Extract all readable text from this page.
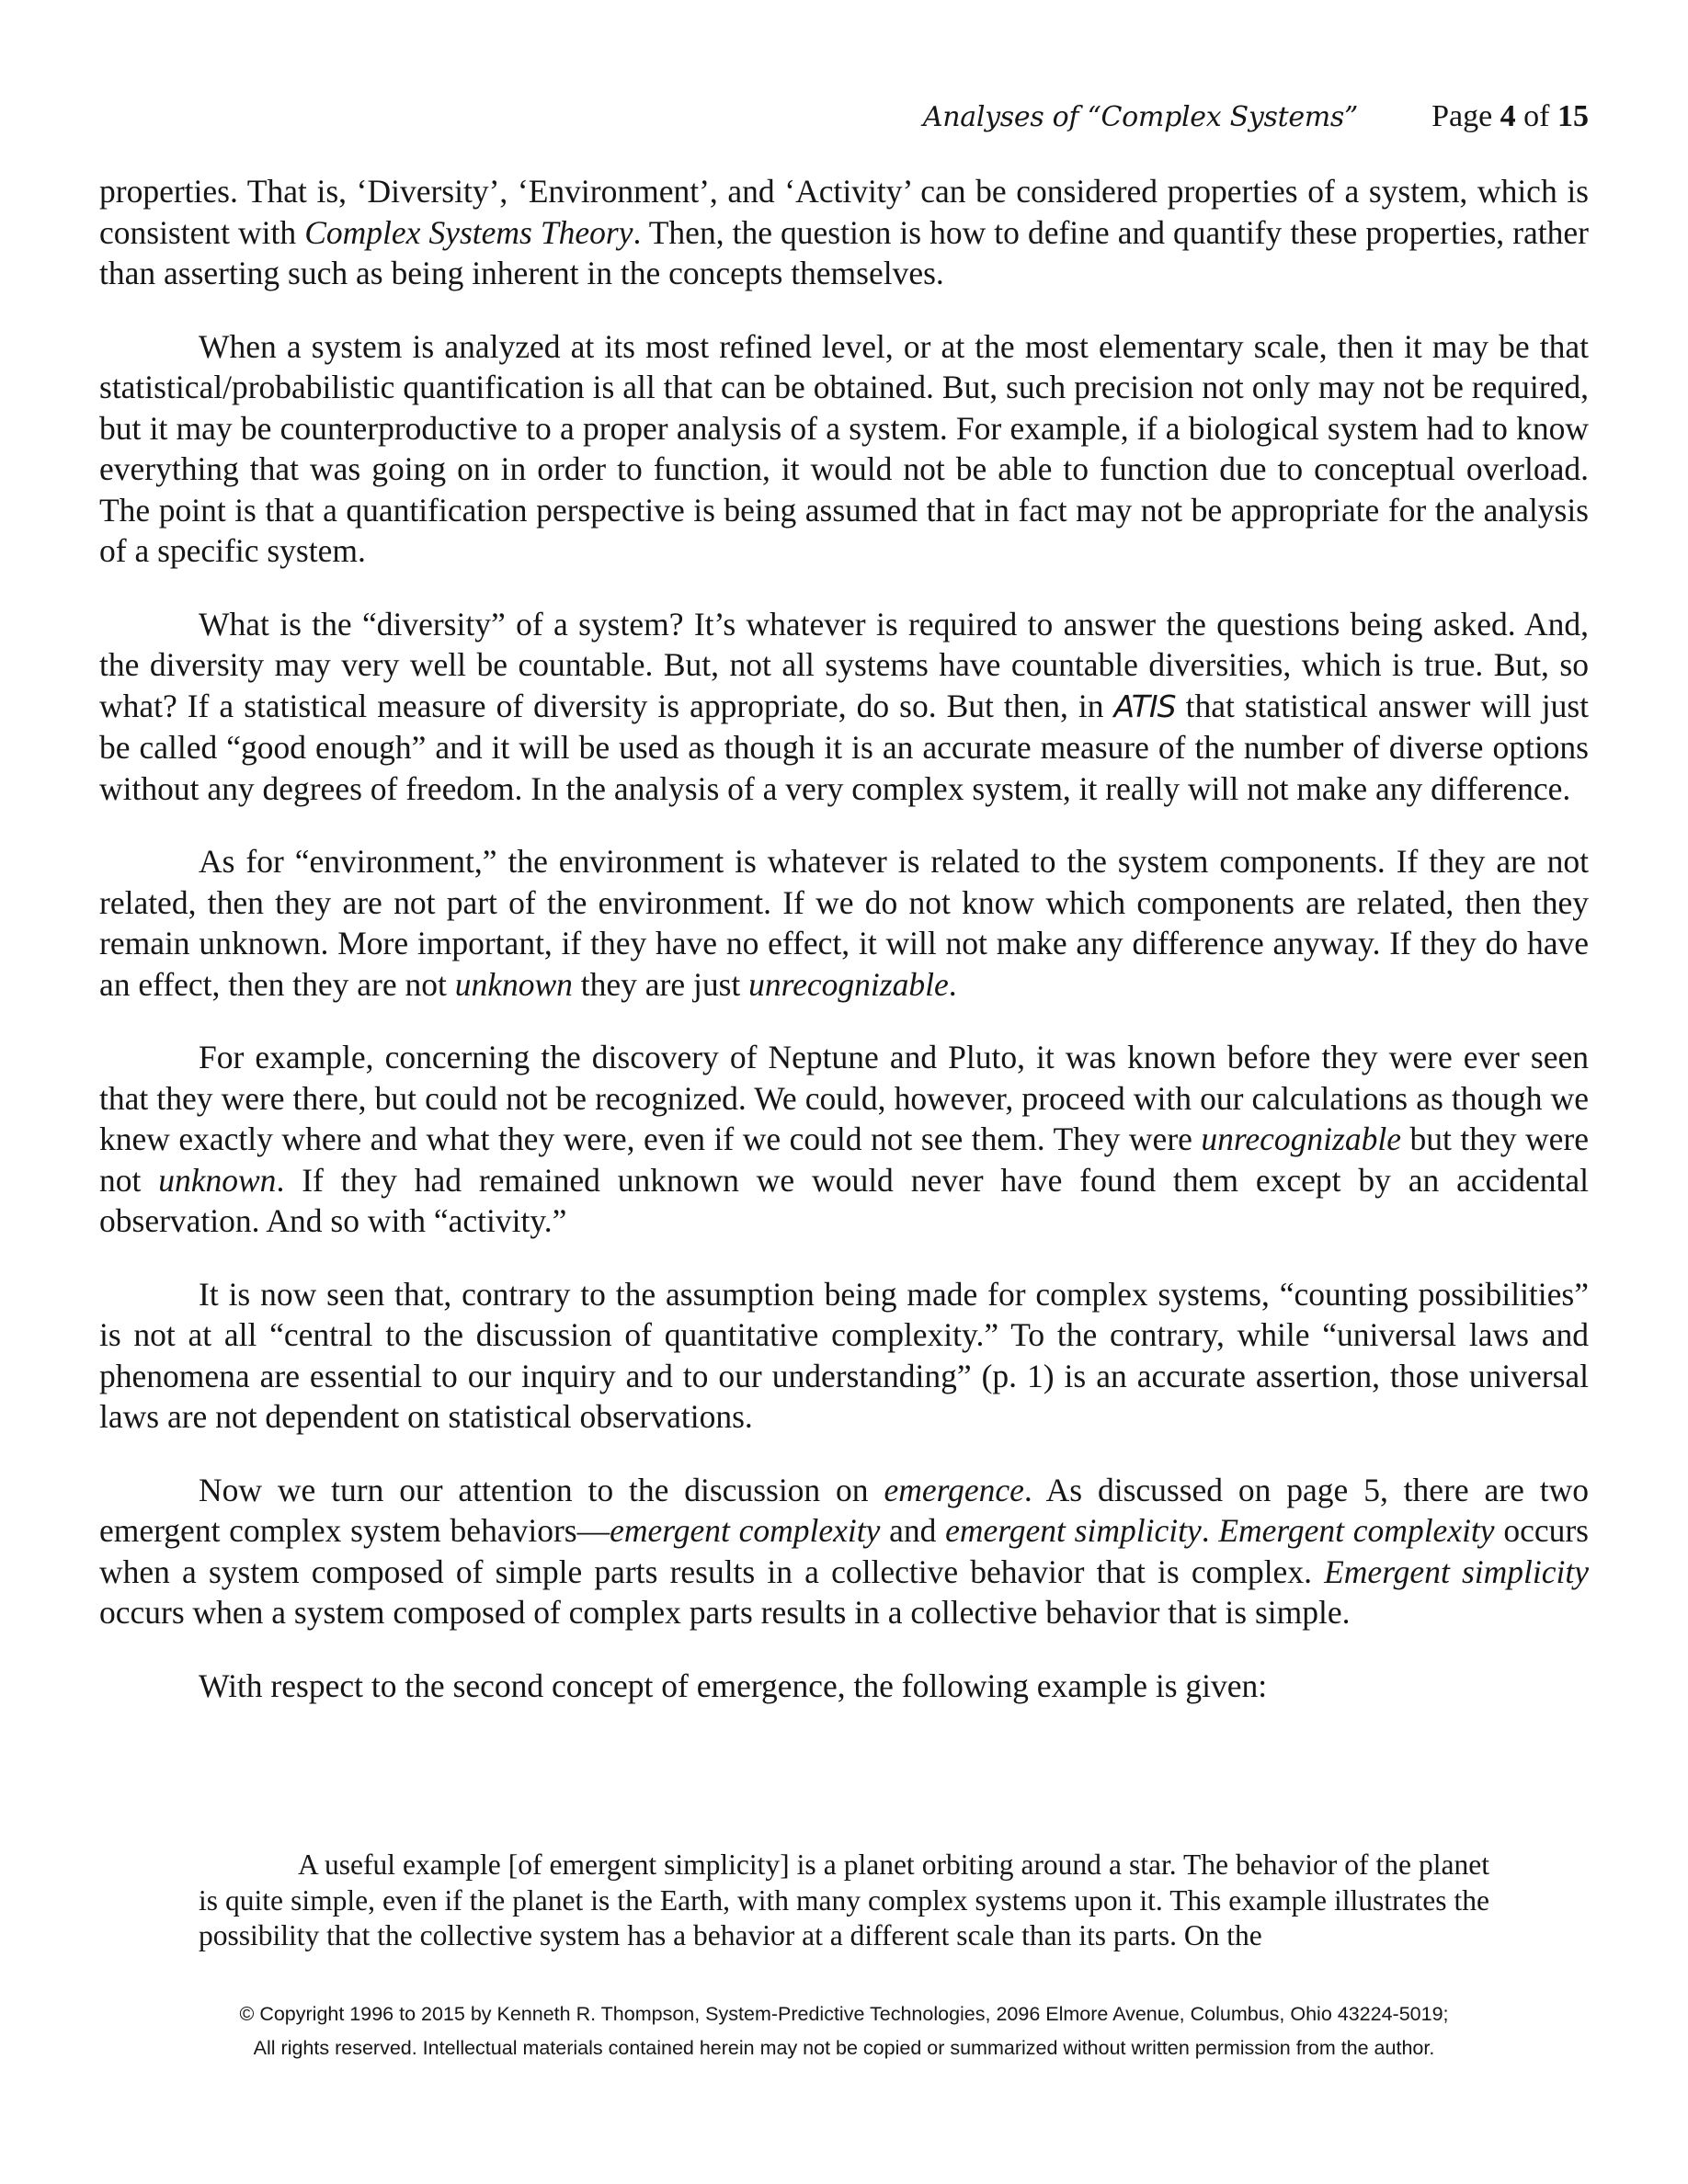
Analyses of “Complex Systems” Page 4 of 15

properties. That is, ‘Diversity’, ‘Environment’, and ‘Activity’ can be considered properties of a system, which is consistent with Complex Systems Theory. Then, the question is how to define and quantify these properties, rather than asserting such as being inherent in the concepts themselves.

When a system is analyzed at its most refined level, or at the most elementary scale, then it may be that statistical/probabilistic quantification is all that can be obtained. But, such precision not only may not be required, but it may be counterproductive to a proper analysis of a system. For example, if a biological system had to know everything that was going on in order to function, it would not be able to function due to conceptual overload. The point is that a quantification perspective is being assumed that in fact may not be appropriate for the analysis of a specific system.

What is the “diversity” of a system? It’s whatever is required to answer the questions being asked. And, the diversity may very well be countable. But, not all systems have countable diversities, which is true. But, so what? If a statistical measure of diversity is appropriate, do so. But then, in ATIS that statistical answer will just be called “good enough” and it will be used as though it is an accurate measure of the number of diverse options without any degrees of freedom. In the analysis of a very complex system, it really will not make any difference.

As for “environment,” the environment is whatever is related to the system components. If they are not related, then they are not part of the environment. If we do not know which components are related, then they remain unknown. More important, if they have no effect, it will not make any difference anyway. If they do have an effect, then they are not unknown they are just unrecognizable.

For example, concerning the discovery of Neptune and Pluto, it was known before they were ever seen that they were there, but could not be recognized. We could, however, proceed with our calculations as though we knew exactly where and what they were, even if we could not see them. They were unrecognizable but they were not unknown. If they had remained unknown we would never have found them except by an accidental observation. And so with “activity.”

It is now seen that, contrary to the assumption being made for complex systems, “counting possibilities” is not at all “central to the discussion of quantitative complexity.” To the contrary, while “universal laws and phenomena are essential to our inquiry and to our understanding” (p. 1) is an accurate assertion, those universal laws are not dependent on statistical observations.

Now we turn our attention to the discussion on emergence. As discussed on page 5, there are two emergent complex system behaviors—emergent complexity and emergent simplicity. Emergent complexity occurs when a system composed of simple parts results in a collective behavior that is complex. Emergent simplicity occurs when a system composed of complex parts results in a collective behavior that is simple.

With respect to the second concept of emergence, the following example is given:

A useful example [of emergent simplicity] is a planet orbiting around a star. The behavior of the planet is quite simple, even if the planet is the Earth, with many complex systems upon it. This example illustrates the possibility that the collective system has a behavior at a different scale than its parts. On the

© Copyright 1996 to 2015 by Kenneth R. Thompson, System-Predictive Technologies, 2096 Elmore Avenue, Columbus, Ohio 43224-5019;
All rights reserved. Intellectual materials contained herein may not be copied or summarized without written permission from the author.
